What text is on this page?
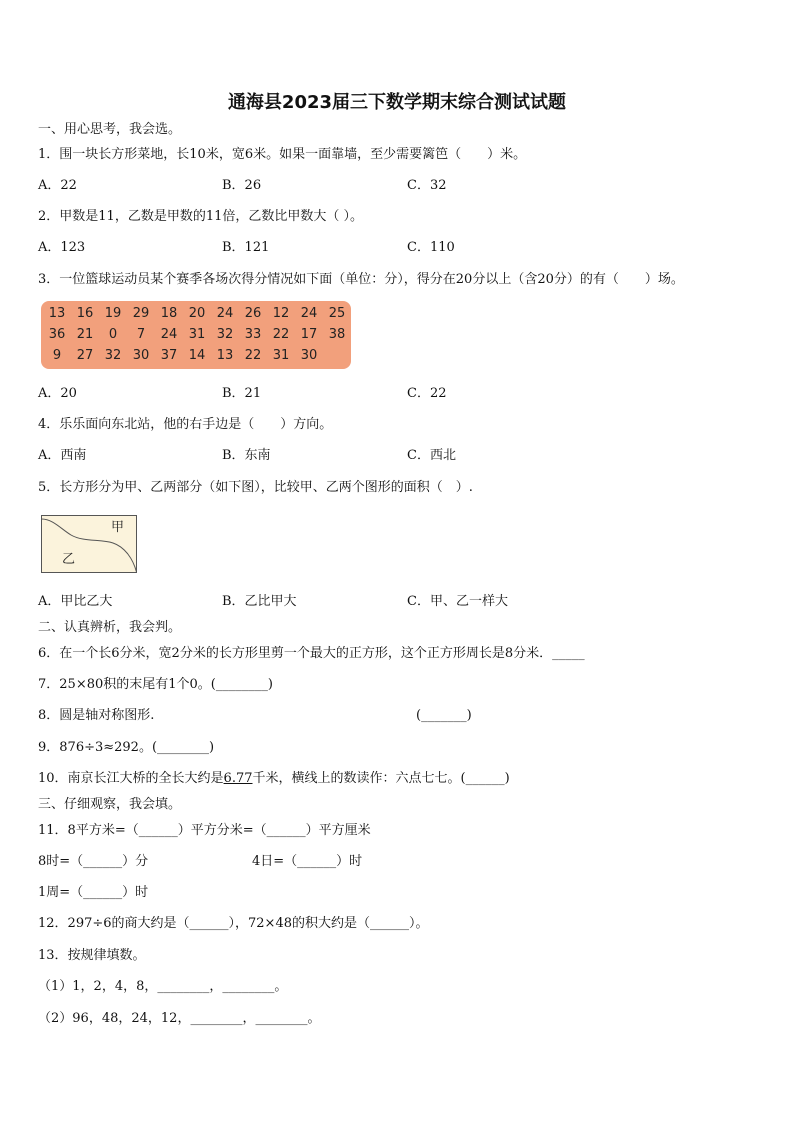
通海县2023届三下数学期末综合测试试题
一、用心思考，我会选。
1．围一块长方形菜地，长10米，宽6米。如果一面靠墙，至少需要篱笆（　　）米。
A．22	B．26	C．32
2．甲数是11，乙数是甲数的11倍，乙数比甲数大（ ）。
A．123	B．121	C．110
3．一位篮球运动员某个赛季各场次得分情况如下面（单位：分），得分在20分以上（含20分）的有（　　）场。
13 16 19 29 18 20 24 26 12 24 25
36 21	0	7	24 31 32 33 22 17 38
9	27 32 30 37 14 13 22 31 30
A．20	B．21	C．22
4．乐乐面向东北站，他的右手边是（　　）方向。
A．西南	B．东南	C．西北
5．长方形分为甲、乙两部分（如下图），比较甲、乙两个图形的面积（　）.
甲
乙
A．甲比乙大	B．乙比甲大	C．甲、乙一样大
二、认真辨析，我会判。
6．在一个长6分米，宽2分米的长方形里剪一个最大的正方形，这个正方形周长是8分米．_____
7．25×80积的末尾有1个0。(________)
8．圆是轴对称图形.	(_______)
9．876÷3≈292。(________)
10．南京长江大桥的全长大约是6.77千米，横线上的数读作：六点七七。(______)
三、仔细观察，我会填。
11．8平方米=（______）平方分米=（______）平方厘米
8时=（______）分	4日=（______）时
1周=（______）时
12．297÷6的商大约是（______），72×48的积大约是（______）。
13．按规律填数。
（1）1，2，4，8，________，________。
（2）96，48，24，12，________，________。
